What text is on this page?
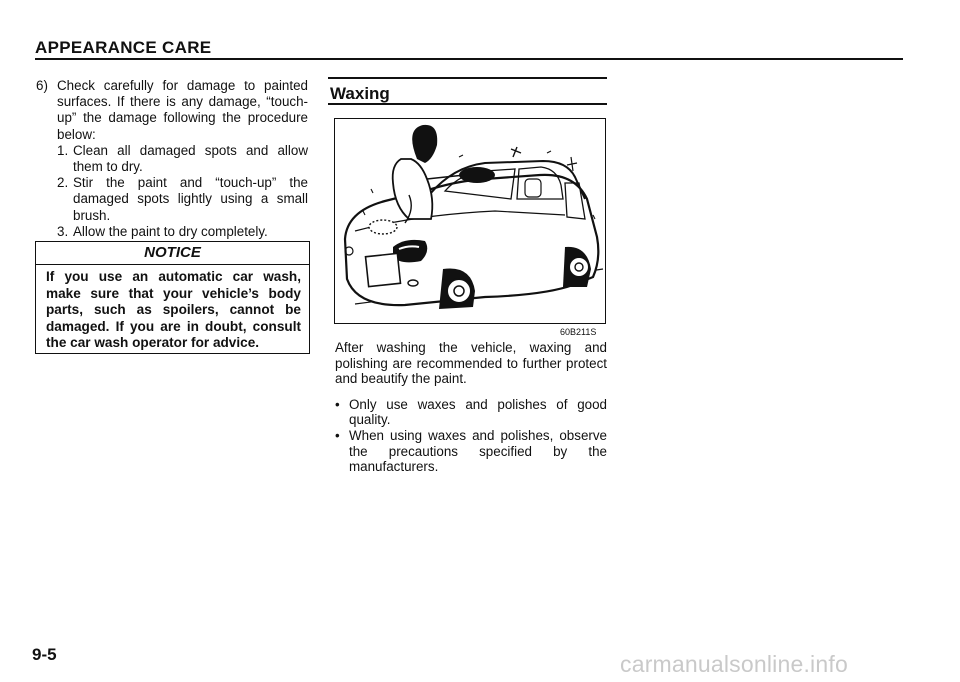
APPEARANCE CARE
6) Check carefully for damage to painted surfaces. If there is any damage, “touch-up” the damage following the procedure below:
1. Clean all damaged spots and allow them to dry.
2. Stir the paint and “touch-up” the damaged spots lightly using a small brush.
3. Allow the paint to dry completely.
NOTICE
If you use an automatic car wash, make sure that your vehicle’s body parts, such as spoilers, cannot be damaged. If you are in doubt, consult the car wash operator for advice.
Waxing
60B211S

After washing the vehicle, waxing and polishing are recommended to further protect and beautify the paint.

• Only use waxes and polishes of good quality.
• When using waxes and polishes, observe the precautions specified by the manufacturers.
9-5	carmanualsonline.info
